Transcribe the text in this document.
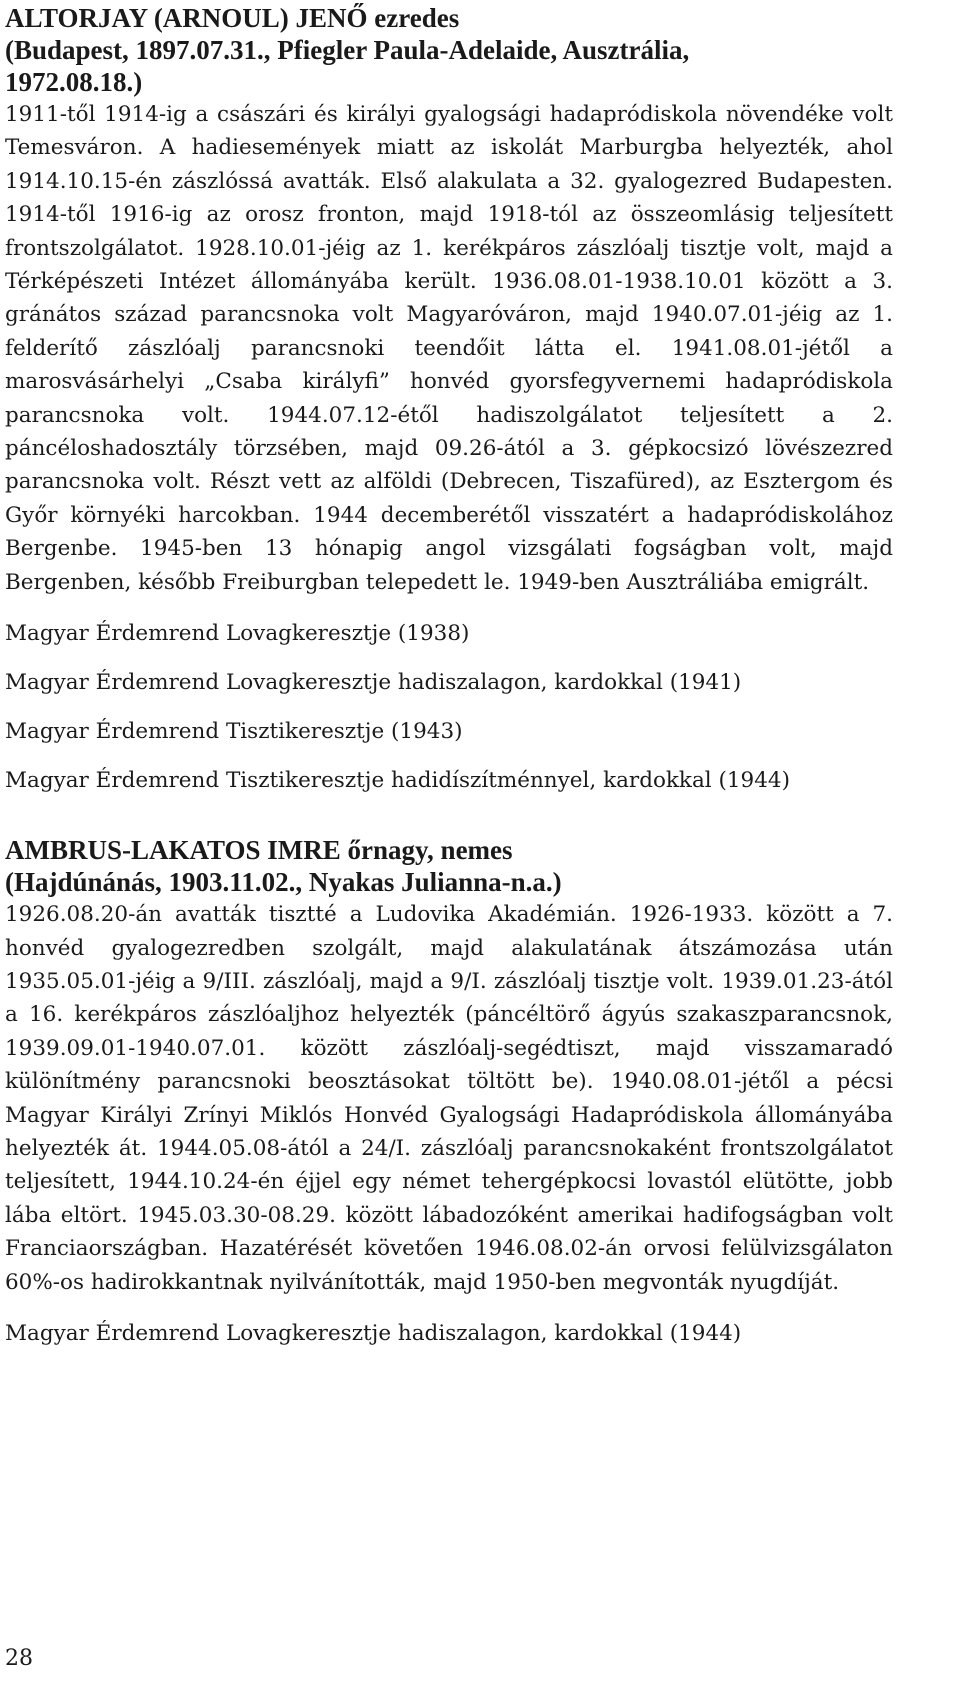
ALTORJAY (ARNOUL) JENŐ ezredes
(Budapest, 1897.07.31., Pfiegler Paula-Adelaide, Ausztrália,
1972.08.18.)

1911-től 1914-ig a császári és királyi gyalogsági hadapródiskola növendéke volt Temesváron. A hadiesemények miatt az iskolát Marburgba helyezték, ahol 1914.10.15-én zászlóssá avatták. Első alakulata a 32. gyalogezred Budapesten. 1914-től 1916-ig az orosz fronton, majd 1918-tól az összeomlásig teljesített frontszolgálatot. 1928.10.01-jéig az 1. kerékpáros zászlóalj tisztje volt, majd a Térképészeti Intézet állományába került. 1936.08.01-1938.10.01 között a 3. gránátos század parancsnoka volt Magyaróváron, majd 1940.07.01-jéig az 1. felderítő zászlóalj parancsnoki teendőit látta el. 1941.08.01-jétől a marosvásárhelyi „Csaba királyfi” honvéd gyorsfegyvernemi hadapródiskola parancsnoka volt. 1944.07.12-étől hadiszolgálatot teljesített a 2. páncéloshadosztály törzsében, majd 09.26-ától a 3. gépkocsizó lövészezred parancsnoka volt. Részt vett az alföldi (Debrecen, Tiszafüred), az Esztergom és Győr környéki harcokban. 1944 decemberétől visszatért a hadapródiskolához Bergenbe. 1945-ben 13 hónapig angol vizsgálati fogságban volt, majd Bergenben, később Freiburgban telepedett le. 1949-ben Ausztráliába emigrált.

Magyar Érdemrend Lovagkeresztje (1938)

Magyar Érdemrend Lovagkeresztje hadiszalagon, kardokkal (1941)

Magyar Érdemrend Tisztikeresztje (1943)

Magyar Érdemrend Tisztikeresztje hadidíszítménnyel, kardokkal (1944)

AMBRUS-LAKATOS IMRE őrnagy, nemes
(Hajdúnánás, 1903.11.02., Nyakas Julianna-n.a.)

1926.08.20-án avatták tisztté a Ludovika Akadémián. 1926-1933. között a 7. honvéd gyalogezredben szolgált, majd alakulatának átszámozása után 1935.05.01-jéig a 9/III. zászlóalj, majd a 9/I. zászlóalj tisztje volt. 1939.01.23-ától a 16. kerékpáros zászlóaljhoz helyezték (páncéltörő ágyús szakaszparancsnok, 1939.09.01-1940.07.01. között zászlóalj-segédtiszt, majd visszamaradó különítmény parancsnoki beosztásokat töltött be). 1940.08.01-jétől a pécsi Magyar Királyi Zrínyi Miklós Honvéd Gyalogsági Hadapródiskola állományába helyezték át. 1944.05.08-ától a 24/I. zászlóalj parancsnokaként frontszolgálatot teljesített, 1944.10.24-én éjjel egy német tehergépkocsi lovastól elütötte, jobb lába eltört. 1945.03.30-08.29. között lábadozóként amerikai hadifogságban volt Franciaországban. Hazatérését követően 1946.08.02-án orvosi felülvizsgálaton 60%-os hadirokkantnak nyilvánították, majd 1950-ben megvonták nyugdíját.

Magyar Érdemrend Lovagkeresztje hadiszalagon, kardokkal (1944)

28
